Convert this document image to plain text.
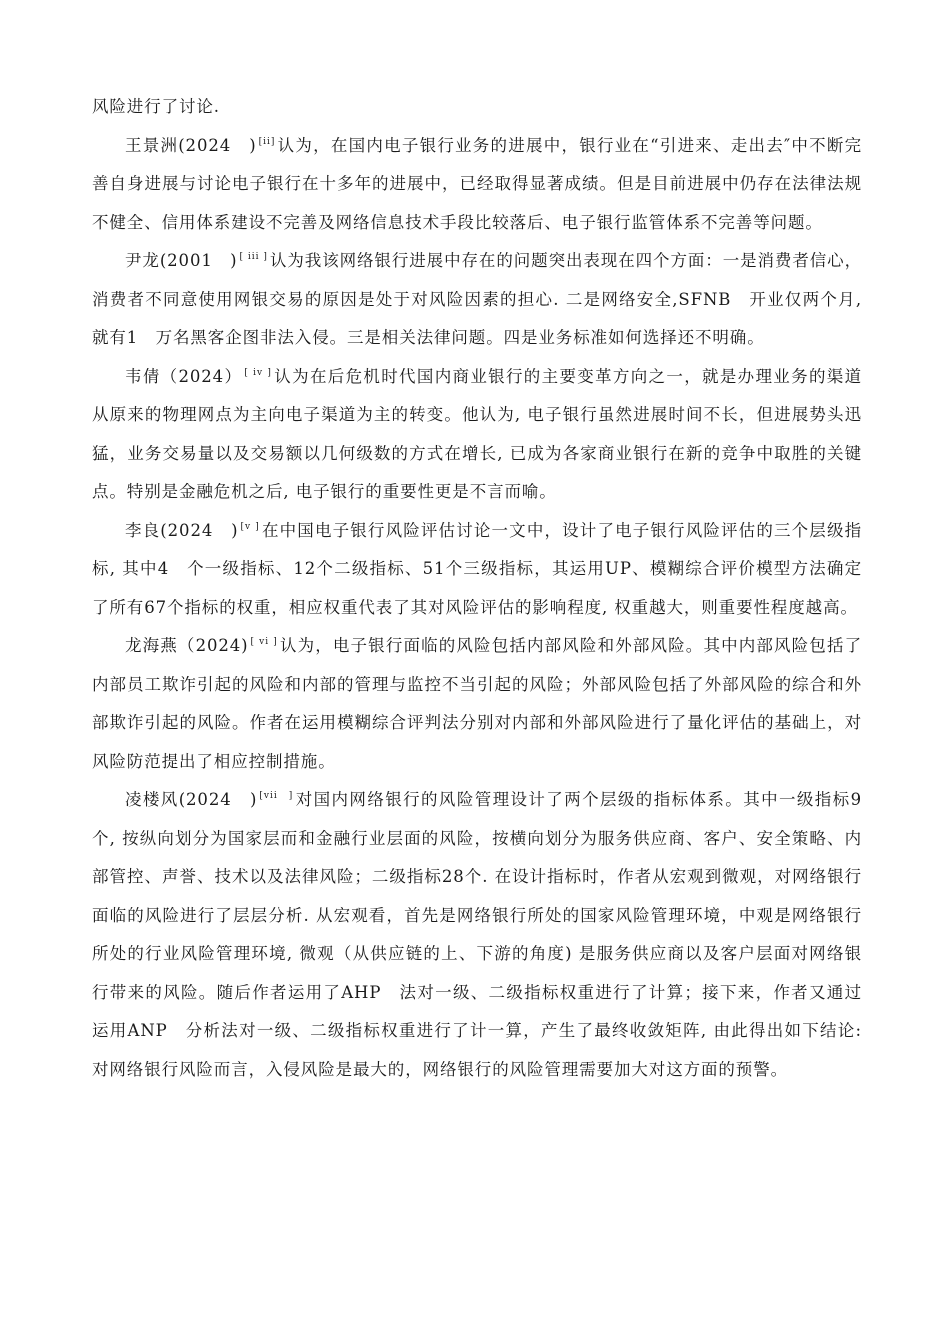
风险进行了讨论.

王景洲(2024　) [ii] 认为，在国内电子银行业务的进展中，银行业在“引进来、走出去″中不断完善自身进展与讨论电子银行在十多年的进展中，已经取得显著成绩。但是目前进展中仍存在法律法规不健全、信用体系建设不完善及网络信息技术手段比较落后、电子银行监管体系不完善等问题。

尹龙(2001　) [ iii ] 认为我该网络银行进展中存在的问题突出表现在四个方面：一是消费者信心，消费者不同意使用网银交易的原因是处于对风险因素的担心. 二是网络安全,SFNB　开业仅两个月, 就有1　万名黑客企图非法入侵。三是相关法律问题。四是业务标准如何选择还不明确。

韦倩（2024） [ iv ] 认为在后危机时代国内商业银行的主要变革方向之一，就是办理业务的渠道从原来的物理网点为主向电子渠道为主的转变。他认为, 电子银行虽然进展时间不长，但进展势头迅猛，业务交易量以及交易额以几何级数的方式在增长, 已成为各家商业银行在新的竞争中取胜的关键点。特别是金融危机之后, 电子银行的重要性更是不言而喻。

李良(2024　) [v ] 在中国电子银行风险评估讨论一文中，设计了电子银行风险评估的三个层级指标, 其中4　个一级指标、12个二级指标、51个三级指标，其运用UP、模糊综合评价模型方法确定了所有67个指标的权重，相应权重代表了其对风险评估的影响程度, 权重越大，则重要性程度越高。

龙海燕（2024) [ vi ] 认为，电子银行面临的风险包括内部风险和外部风险。其中内部风险包括了内部员工欺诈引起的风险和内部的管理与监控不当引起的风险；外部风险包括了外部风险的综合和外部欺诈引起的风险。作者在运用模糊综合评判法分别对内部和外部风险进行了量化评估的基础上，对风险防范提出了相应控制措施。

凌楼风(2024　) [vii　] 对国内网络银行的风险管理设计了两个层级的指标体系。其中一级指标9　个, 按纵向划分为国家层而和金融行业层面的风险，按横向划分为服务供应商、客户、安全策略、内部管控、声誉、技术以及法律风险；二级指标28个. 在设计指标时，作者从宏观到微观，对网络银行面临的风险进行了层层分析. 从宏观看，首先是网络银行所处的国家风险管理环境，中观是网络银行所处的行业风险管理环境, 微观（从供应链的上、下游的角度) 是服务供应商以及客户层面对网络银行带来的风险。随后作者运用了AHP　法对一级、二级指标权重进行了计算；接下来，作者又通过运用ANP　分析法对一级、二级指标权重进行了计一算，产生了最终收敛矩阵, 由此得出如下结论: 对网络银行风险而言，入侵风险是最大的，网络银行的风险管理需要加大对这方面的预警。
